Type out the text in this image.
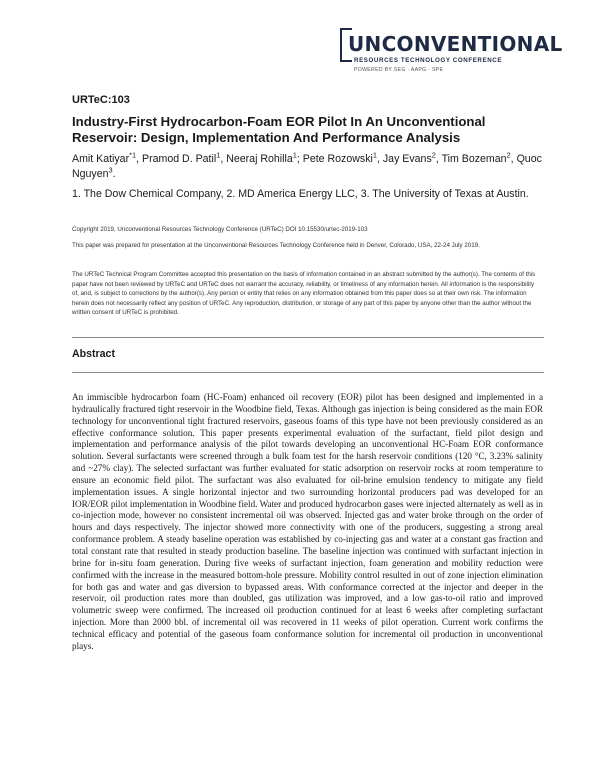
UNCONVENTIONAL
RESOURCES TECHNOLOGY CONFERENCE
POWERED BY SEG · AAPG · SPE
URTeC:103
Industry-First Hydrocarbon-Foam EOR Pilot In An Unconventional Reservoir: Design, Implementation And Performance Analysis
Amit Katiyar$^{*1}$, Pramod D. Patil$^1$, Neeraj Rohilla$^1$; Pete Rozowski$^1$, Jay Evans$^2$, Tim Bozeman$^2$, Quoc Nguyen$^3$.
1. The Dow Chemical Company, 2. MD America Energy LLC, 3. The University of Texas at Austin.
Copyright 2019, Unconventional Resources Technology Conference (URTeC) DOI 10.15530/urtec-2019-103
This paper was prepared for presentation at the Unconventional Resources Technology Conference held in Denver, Colorado, USA, 22-24 July 2019.
The URTeC Technical Program Committee accepted this presentation on the basis of information contained in an abstract submitted by the author(s). The contents of this paper have not been reviewed by URTeC and URTeC does not warrant the accuracy, reliability, or timeliness of any information herein. All information is the responsibility of, and, is subject to corrections by the author(s). Any person or entity that relies on any information obtained from this paper does so at their own risk. The information herein does not necessarily reflect any position of URTeC. Any reproduction, distribution, or storage of any part of this paper by anyone other than the author without the written consent of URTeC is prohibited.
Abstract
An immiscible hydrocarbon foam (HC-Foam) enhanced oil recovery (EOR) pilot has been designed and implemented in a hydraulically fractured tight reservoir in the Woodbine field, Texas. Although gas injection is being considered as the main EOR technology for unconventional tight fractured reservoirs, gaseous foams of this type have not been previously considered as an effective conformance solution. This paper presents experimental evaluation of the surfactant, field pilot design and implementation and performance analysis of the pilot towards developing an unconventional HC-Foam EOR conformance solution. Several surfactants were screened through a bulk foam test for the harsh reservoir conditions (120 °C, 3.23% salinity and ~27% clay). The selected surfactant was further evaluated for static adsorption on reservoir rocks at room temperature to ensure an economic field pilot. The surfactant was also evaluated for oil-brine emulsion tendency to mitigate any field implementation issues. A single horizontal injector and two surrounding horizontal producers pad was developed for an IOR/EOR pilot implementation in Woodbine field. Water and produced hydrocarbon gases were injected alternately as well as in co-injection mode, however no consistent incremental oil was observed. Injected gas and water broke through on the order of hours and days respectively. The injector showed more connectivity with one of the producers, suggesting a strong areal conformance problem. A steady baseline operation was established by co-injecting gas and water at a constant gas fraction and total constant rate that resulted in steady production baseline. The baseline injection was continued with surfactant injection in brine for in-situ foam generation. During five weeks of surfactant injection, foam generation and mobility reduction were confirmed with the increase in the measured bottom-hole pressure. Mobility control resulted in out of zone injection elimination for both gas and water and gas diversion to bypassed areas. With conformance corrected at the injector and deeper in the reservoir, oil production rates more than doubled, gas utilization was improved, and a low gas-to-oil ratio and improved volumetric sweep were confirmed. The increased oil production continued for at least 6 weeks after completing surfactant injection. More than 2000 bbl. of incremental oil was recovered in 11 weeks of pilot operation. Current work confirms the technical efficacy and potential of the gaseous foam conformance solution for incremental oil production in unconventional plays.
